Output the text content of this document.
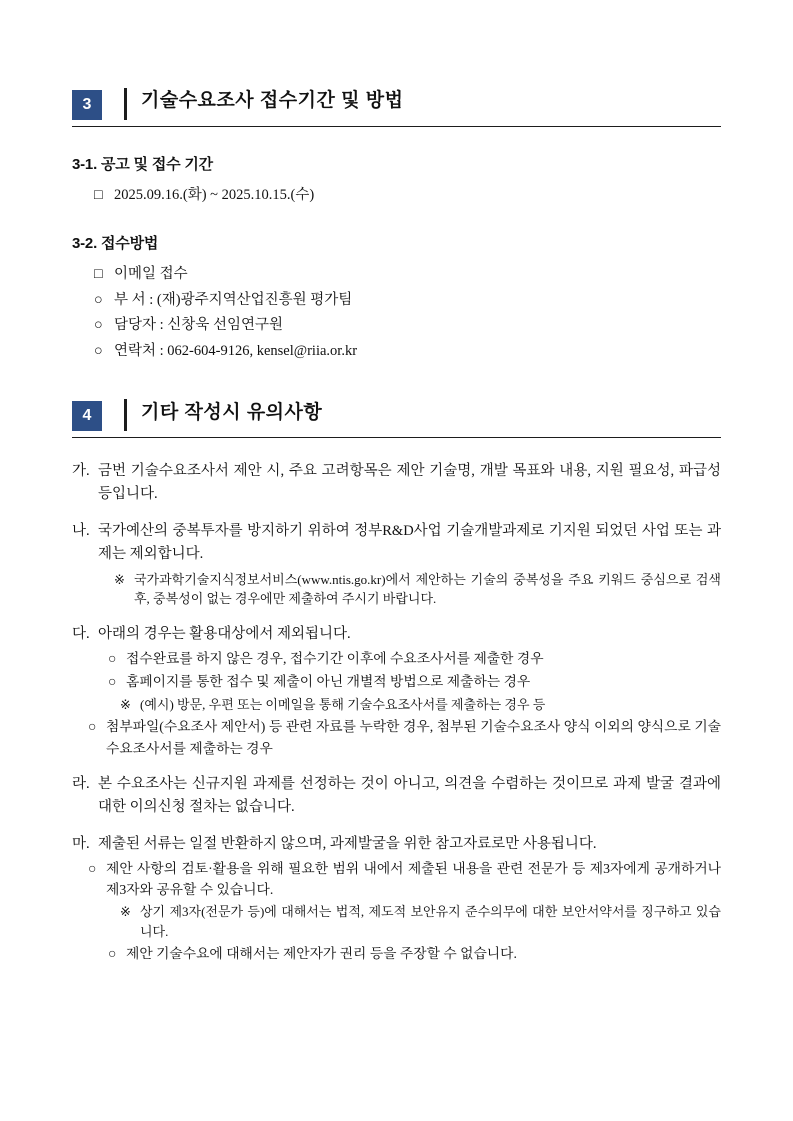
3	기술수요조사 접수기간 및 방법
3-1. 공고 및 접수 기간
□ 2025.09.16.(화) ~ 2025.10.15.(수)
3-2. 접수방법
□ 이메일 접수
○ 부 서 : (재)광주지역산업진흥원 평가팀
○ 담당자 : 신창욱 선임연구원
○ 연락처 : 062-604-9126, kensel@riia.or.kr
4	기타 작성시 유의사항
가. 금번 기술수요조사서 제안 시, 주요 고려항목은 제안 기술명, 개발 목표와 내용, 지원 필요성, 파급성 등입니다.

나. 국가예산의 중복투자를 방지하기 위하여 정부R&D사업 기술개발과제로 기지원 되었던 사업 또는 과제는 제외합니다.

※ 국가과학기술지식정보서비스(www.ntis.go.kr)에서 제안하는 기술의 중복성을 주요 키워드 중심으로 검색 후, 중복성이 없는 경우에만 제출하여 주시기 바랍니다.
다. 아래의 경우는 활용대상에서 제외됩니다.

○ 접수완료를 하지 않은 경우, 접수기간 이후에 수요조사서를 제출한 경우
○ 홈페이지를 통한 접수 및 제출이 아닌 개별적 방법으로 제출하는 경우
※ (예시) 방문, 우편 또는 이메일을 통해 기술수요조사서를 제출하는 경우 등
○ 첨부파일(수요조사 제안서) 등 관련 자료를 누락한 경우, 첨부된 기술수요조사 양식 이외의 양식으로 기술수요조사서를 제출하는 경우
라. 본 수요조사는 신규지원 과제를 선정하는 것이 아니고, 의견을 수렴하는 것이므로 과제 발굴 결과에 대한 이의신청 절차는 없습니다.

마. 제출된 서류는 일절 반환하지 않으며, 과제발굴을 위한 참고자료로만 사용됩니다.

○ 제안 사항의 검토·활용을 위해 필요한 범위 내에서 제출된 내용을 관련 전문가 등 제3자에게 공개하거나 제3자와 공유할 수 있습니다.
※ 상기 제3자(전문가 등)에 대해서는 법적, 제도적 보안유지 준수의무에 대한 보안서약서를 징구하고 있습니다.
○ 제안 기술수요에 대해서는 제안자가 권리 등을 주장할 수 없습니다.
